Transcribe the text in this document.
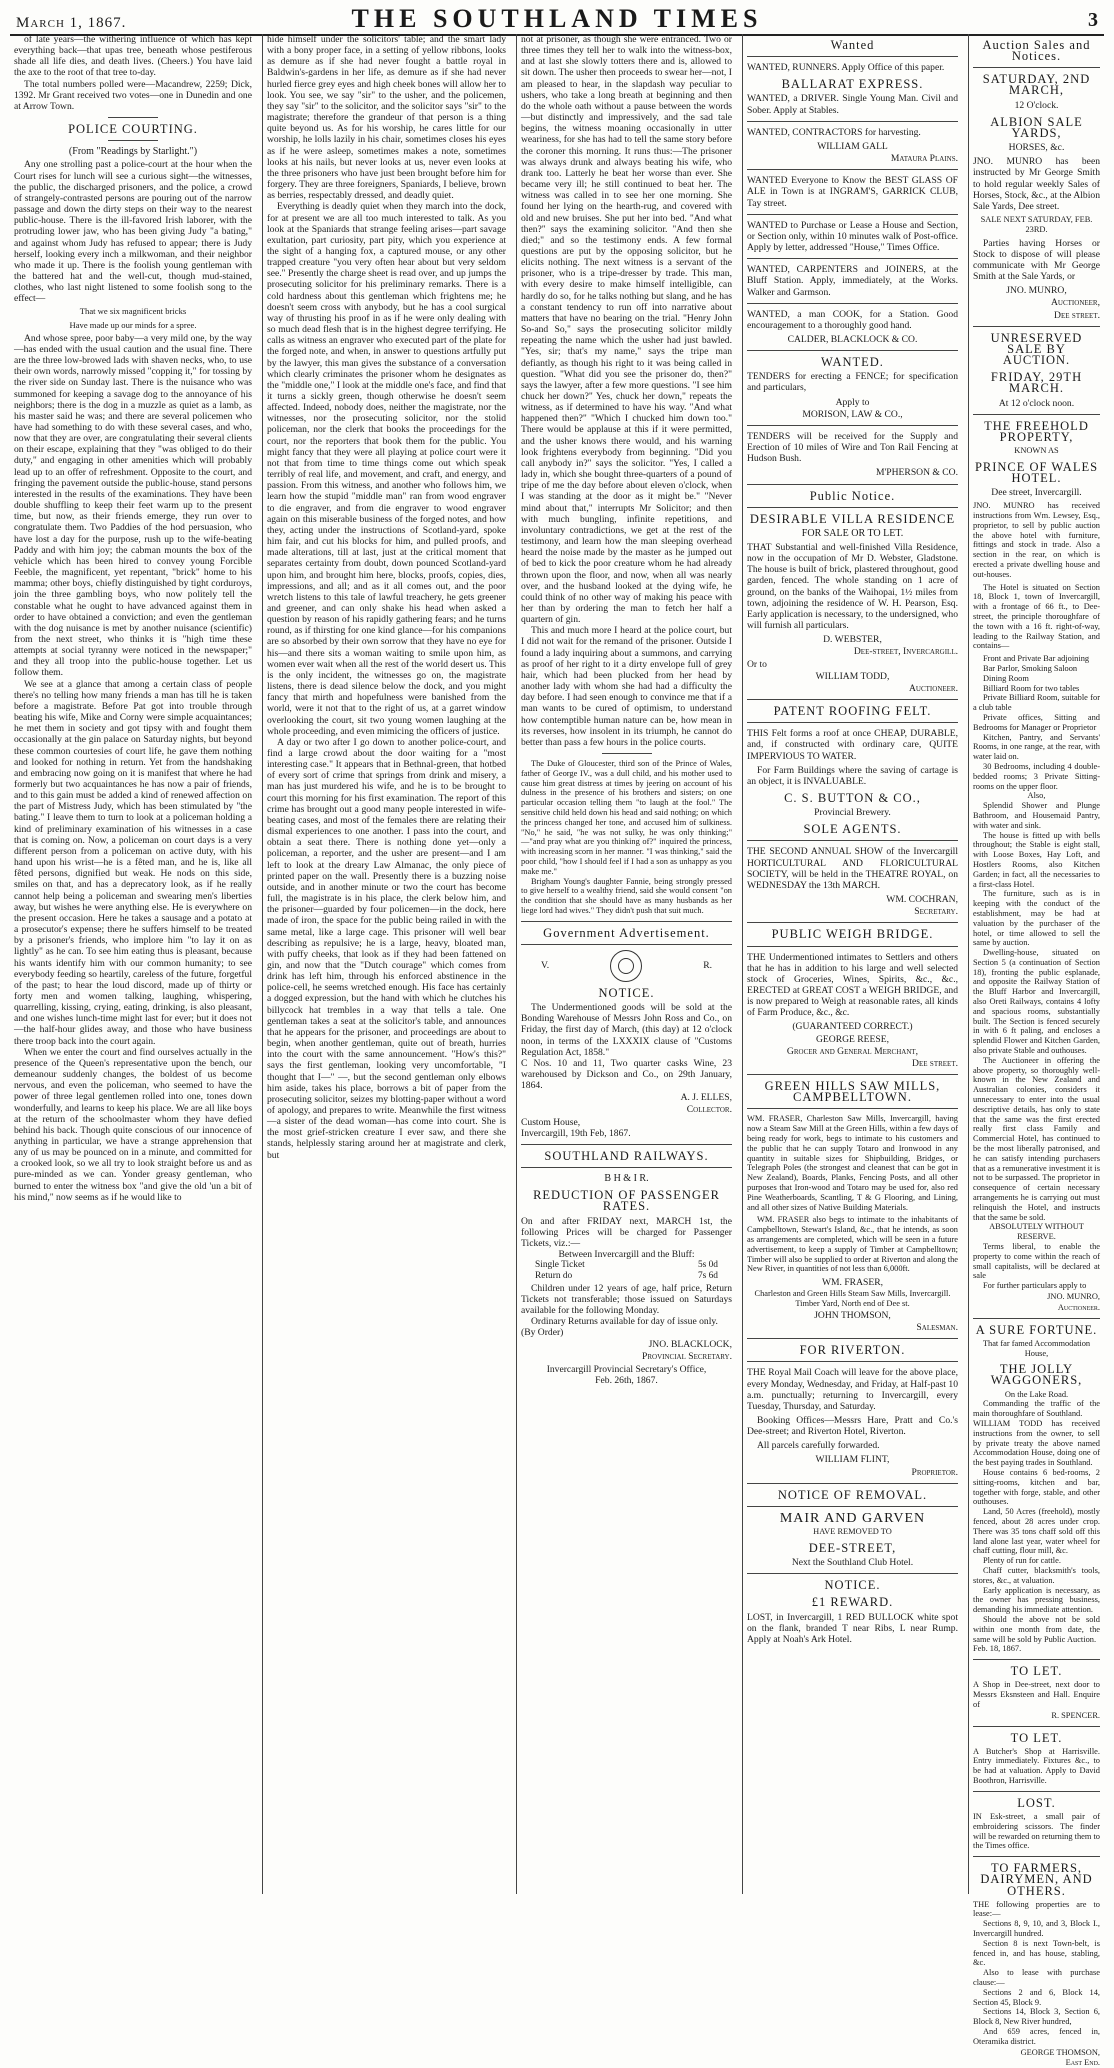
March 1, 1867.	THE SOUTHLAND TIMES	3

of late years—the withering influence of which has kept everything back—that upas tree, beneath whose pestiferous shade all life dies, and death lives. (Cheers.) You have laid the axe to the root of that tree to-day.

The total numbers polled were—Macandrew, 2259; Dick, 1392. Mr Grant received two votes—one in Dunedin and one at Arrow Town.

POLICE COURTING.
(From "Readings by Starlight.")

Any one strolling past a police-court at the hour when the Court rises for lunch will see a curious sight—the witnesses, the public, the discharged prisoners, and the police, a crowd of strangely-contrasted persons are pouring out of the narrow passage and down the dirty steps on their way to the nearest public-house. There is the ill-favored Irish laborer, with the protruding lower jaw, who has been giving Judy "a bating," and against whom Judy has refused to appear; there is Judy herself, looking every inch a milkwoman, and their neighbor who made it up. There is the foolish young gentleman with the battered hat and the well-cut, though mud-stained, clothes, who last night listened to some foolish song to the effect—

That we six magnificent bricks
Have made up our minds for a spree.

And whose spree, poor baby—a very mild one, by the way—has ended with the usual caution and the usual fine. There are the three low-browed lads with shaven necks, who, to use their own words, narrowly missed "copping it," for tossing by the river side on Sunday last. There is the nuisance who was summoned for keeping a savage dog to the annoyance of his neighbors; there is the dog in a muzzle as quiet as a lamb, as his master said he was; and there are several policemen who have had something to do with these several cases, and who, now that they are over, are congratulating their several clients on their escape, explaining that they "was obliged to do their duty," and engaging in other amenities which will probably lead up to an offer of refreshment. Opposite to the court, and fringing the pavement outside the public-house, stand persons interested in the results of the examinations. They have been double shuffling to keep their feet warm up to the present time, but now, as their friends emerge, they run over to congratulate them. Two Paddies of the hod persuasion, who have lost a day for the purpose, rush up to the wife-beating Paddy and with him joy; the cabman mounts the box of the vehicle which has been hired to convey young Forcible Feeble, the magnificent, yet repentant, "brick" home to his mamma; other boys, chiefly distinguished by tight corduroys, join the three gambling boys, who now politely tell the constable what he ought to have advanced against them in order to have obtained a conviction; and even the gentleman with the dog nuisance is met by another nuisance (scientific) from the next street, who thinks it is "high time these attempts at social tyranny were noticed in the newspaper;" and they all troop into the public-house together. Let us follow them.

We see at a glance that among a certain class of people there's no telling how many friends a man has till he is taken before a magistrate. Before Pat got into trouble through beating his wife, Mike and Corny were simple acquaintances; he met them in society and got tipsy with and fought them occasionally at the gin palace on Saturday nights, but beyond these common courtesies of court life, he gave them nothing and looked for nothing in return. Yet from the handshaking and embracing now going on it is manifest that where he had formerly but two acquaintances he has now a pair of friends, and to this gain must be added a kind of renewed affection on the part of Mistress Judy, which has been stimulated by "the bating." I leave them to turn to look at a policeman holding a kind of preliminary examination of his witnesses in a case that is coming on. Now, a policeman on court days is a very different person from a policeman on active duty, with his hand upon his wrist—he is a fêted man, and he is, like all fêted persons, dignified but weak. He nods on this side, smiles on that, and has a deprecatory look, as if he really cannot help being a policeman and swearing men's liberties away, but wishes he were anything else. He is everywhere on the present occasion. Here he takes a sausage and a potato at a prosecutor's expense; there he suffers himself to be treated by a prisoner's friends, who implore him "to lay it on as lightly" as he can. To see him eating thus is pleasant, because his wants identify him with our common humanity; to see everybody feeding so heartily, careless of the future, forgetful of the past; to hear the loud discord, made up of thirty or forty men and women talking, laughing, whispering, quarrelling, kissing, crying, eating, drinking, is also pleasant, and one wishes lunch-time might last for ever; but it does not—the half-hour glides away, and those who have business there troop back into the court again.

When we enter the court and find ourselves actually in the presence of the Queen's representative upon the bench, our demeanour suddenly changes, the boldest of us become nervous, and even the policeman, who seemed to have the power of three legal gentlemen rolled into one, tones down wonderfully, and learns to keep his place. We are all like boys at the return of the schoolmaster whom they have defied behind his back. Though quite conscious of our innocence of anything in particular, we have a strange apprehension that any of us may be pounced on in a minute, and committed for a crooked look, so we all try to look straight before us and as pure-minded as we can. Yonder greasy gentleman, who burned to enter the witness box "and give the old 'un a bit of his mind," now seems as if he would like to

hide himself under the solicitors' table; and the smart lady with a bony proper face, in a setting of yellow ribbons, looks as demure as if she had never fought a battle royal in Baldwin's-gardens in her life, as demure as if she had never hurled fierce grey eyes and high cheek bones will allow her to look. You see, we say "sir" to the usher, and the policemen, they say "sir" to the solicitor, and the solicitor says "sir" to the magistrate; therefore the grandeur of that person is a thing quite beyond us. As for his worship, he cares little for our worship, he lolls lazily in his chair, sometimes closes his eyes as if he were asleep, sometimes makes a note, sometimes looks at his nails, but never looks at us, never even looks at the three prisoners who have just been brought before him for forgery. They are three foreigners, Spaniards, I believe, brown as berries, respectably dressed, and deadly quiet.

Everything is deadly quiet when they march into the dock, for at present we are all too much interested to talk. As you look at the Spaniards that strange feeling arises—part savage exultation, part curiosity, part pity, which you experience at the sight of a hanging fox, a captured mouse, or any other trapped creature "you very often hear about but very seldom see." Presently the charge sheet is read over, and up jumps the prosecuting solicitor for his preliminary remarks. There is a cold hardness about this gentleman which frightens me; he doesn't seem cross with anybody, but he has a cool surgical way of thrusting his proof in as if he were only dealing with so much dead flesh that is in the highest degree terrifying. He calls as witness an engraver who executed part of the plate for the forged note, and when, in answer to questions artfully put by the lawyer, this man gives the substance of a conversation which clearly criminates the prisoner whom he designates as the "middle one," I look at the middle one's face, and find that it turns a sickly green, though otherwise he doesn't seem affected. Indeed, nobody does, neither the magistrate, nor the witnesses, nor the prosecuting solicitor, nor the stolid policeman, nor the clerk that books the proceedings for the court, nor the reporters that book them for the public. You might fancy that they were all playing at police court were it not that from time to time things come out which speak terribly of real life, and movement, and craft, and energy, and passion. From this witness, and another who follows him, we learn how the stupid "middle man" ran from wood engraver to die engraver, and from die engraver to wood engraver again on this miserable business of the forged notes, and how they, acting under the instructions of Scotland-yard, spoke him fair, and cut his blocks for him, and pulled proofs, and made alterations, till at last, just at the critical moment that separates certainty from doubt, down pounced Scotland-yard upon him, and brought him here, blocks, proofs, copies, dies, impressions, and all; and as it all comes out, and the poor wretch listens to this tale of lawful treachery, he gets greener and greener, and can only shake his head when asked a question by reason of his rapidly gathering fears; and he turns round, as if thirsting for one kind glance—for his companions are so absorbed by their own sorrow that they have no eye for his—and there sits a woman waiting to smile upon him, as women ever wait when all the rest of the world desert us. This is the only incident, the witnesses go on, the magistrate listens, there is dead silence below the dock, and you might fancy that mirth and hopefulness were banished from the world, were it not that to the right of us, at a garret window overlooking the court, sit two young women laughing at the whole proceeding, and even mimicing the officers of justice.

A day or two after I go down to another police-court, and find a large crowd about the door waiting for a "most interesting case." It appears that in Bethnal-green, that hotbed of every sort of crime that springs from drink and misery, a man has just murdered his wife, and he is to be brought to court this morning for his first examination. The report of this crime has brought out a good many people interested in wife-beating cases, and most of the females there are relating their dismal experiences to one another. I pass into the court, and obtain a seat there. There is nothing done yet—only a policeman, a reporter, and the usher are present—and I am left to look at the dreary Law Almanac, the only piece of printed paper on the wall. Presently there is a buzzing noise outside, and in another minute or two the court has become full, the magistrate is in his place, the clerk below him, and the prisoner—guarded by four policemen—in the dock, here made of iron, the space for the public being railed in with the same metal, like a large cage. This prisoner will well bear describing as repulsive; he is a large, heavy, bloated man, with puffy cheeks, that look as if they had been fattened on gin, and now that the "Dutch courage" which comes from drink has left him, through his enforced abstinence in the police-cell, he seems wretched enough. His face has certainly a dogged expression, but the hand with which he clutches his billycock hat trembles in a way that tells a tale. One gentleman takes a seat at the solicitor's table, and announces that he appears for the prisoner, and proceedings are about to begin, when another gentleman, quite out of breath, hurries into the court with the same announcement. "How's this?" says the first gentleman, looking very uncomfortable, "I thought that I—" —, but the second gentleman only elbows him aside, takes his place, borrows a bit of paper from the prosecuting solicitor, seizes my blotting-paper without a word of apology, and prepares to write. Meanwhile the first witness—a sister of the dead woman—has come into court. She is the most grief-stricken creature I ever saw, and there she stands, helplessly staring around her at magistrate and clerk, but

not at prisoner, as though she were entranced. Two or three times they tell her to walk into the witness-box, and at last she slowly totters there and is, allowed to sit down. The usher then proceeds to swear her—not, I am pleased to hear, in the slapdash way peculiar to ushers, who take a long breath at beginning and then do the whole oath without a pause between the words—but distinctly and impressively, and the sad tale begins, the witness moaning occasionally in utter weariness, for she has had to tell the same story before the coroner this morning. It runs thus:—The prisoner was always drunk and always beating his wife, who drank too. Latterly he beat her worse than ever. She became very ill; he still continued to beat her. The witness was called in to see her one morning. She found her lying on the hearth-rug, and covered with old and new bruises. She put her into bed. "And what then?" says the examining solicitor. "And then she died;" and so the testimony ends. A few formal questions are put by the opposing solicitor, but he elicits nothing. The next witness is a servant of the prisoner, who is a tripe-dresser by trade. This man, with every desire to make himself intelligible, can hardly do so, for he talks nothing but slang, and he has a constant tendency to run off into narrative about matters that have no bearing on the trial. "Henry John So-and So," says the prosecuting solicitor mildly repeating the name which the usher had just bawled. "Yes, sir; that's my name," says the tripe man defiantly, as though his right to it was being called in question. "What did you see the prisoner do, then?" says the lawyer, after a few more questions. "I see him chuck her down?" Yes, chuck her down," repeats the witness, as if determined to have his way. "And what happened then?" "Which I chucked him down too." There would be applause at this if it were permitted, and the usher knows there would, and his warning look frightens everybody from beginning. "Did you call anybody in?" says the solicitor. "Yes, I called a lady in, which she bought three-quarters of a pound of tripe of me the day before about eleven o'clock, when I was standing at the door as it might be." "Never mind about that," interrupts Mr Solicitor; and then with much bungling, infinite repetitions, and involuntary contradictions, we get at the rest of the testimony, and learn how the man sleeping overhead heard the noise made by the master as he jumped out of bed to kick the poor creature whom he had already thrown upon the floor, and now, when all was nearly over, and the husband looked at the dying wife, he could think of no other way of making his peace with her than by ordering the man to fetch her half a quartern of gin.

This and much more I heard at the police court, but I did not wait for the remand of the prisoner. Outside I found a lady inquiring about a summons, and carrying as proof of her right to it a dirty envelope full of grey hair, which had been plucked from her head by another lady with whom she had had a difficulty the day before. I had seen enough to convince me that if a man wants to be cured of optimism, to understand how contemptible human nature can be, how mean in its reverses, how insolent in its triumph, he cannot do better than pass a few hours in the police courts.

The Duke of Gloucester, third son of the Prince of Wales, father of George IV., was a dull child, and his mother used to cause him great distress at times by jeering on account of his dulness in the presence of his brothers and sisters; on one particular occasion telling them "to laugh at the fool." The sensitive child held down his head and said nothing; on which the princess changed her tone, and accused him of sulkiness. "No," he said, "he was not sulky, he was only thinking;" —"and pray what are you thinking of?" inquired the princess, with increasing scorn in her manner. "I was thinking," said the poor child, "how I should feel if I had a son as unhappy as you make me."

Brigham Young's daughter Fannie, being strongly pressed to give herself to a wealthy friend, said she would consent "on the condition that she should have as many husbands as her liege lord had wives." They didn't push that suit much.

Government Advertisement.
V.	R.
NOTICE.

The Undermentioned goods will be sold at the Bonding Warehouse of Messrs John Ross and Co., on Friday, the first day of March, (this day) at 12 o'clock noon, in terms of the LXXXIX clause of "Customs Regulation Act, 1858."

C Nos. 10 and 11, Two quarter casks Wine, 23 warehoused by Dickson and Co., on 29th January, 1864.

A. J. ELLES,
Collector.

Custom House,

Invercargill, 19th Feb, 1867.

SOUTHLAND RAILWAYS.
B H & I R.
REDUCTION OF PASSENGER RATES.

On and after FRIDAY next, MARCH 1st, the following Prices will be charged for Passenger Tickets, viz.:—

Between Invercargill and the Bluff:
Single Ticket	5s 0d
Return do	7s 6d

Children under 12 years of age, half price, Return Tickets not transferable; those issued on Saturdays available for the following Monday.

Ordinary Returns available for day of issue only.

(By Order)

JNO. BLACKLOCK,
Provincial Secretary.
Invercargill Provincial Secretary's Office,
Feb. 26th, 1867.
Wanted

WANTED, RUNNERS. Apply Office of this paper.

BALLARAT EXPRESS.

WANTED, a DRIVER. Single Young Man. Civil and Sober. Apply at Stables.

WANTED, CONTRACTORS for harvesting.

WILLIAM GALL
Mataura Plains.

WANTED Everyone to Know the BEST GLASS OF ALE in Town is at INGRAM'S, GARRICK CLUB, Tay street.

WANTED to Purchase or Lease a House and Section, or Section only, within 10 minutes walk of Post-office. Apply by letter, addressed "House," Times Office.

WANTED, CARPENTERS and JOINERS, at the Bluff Station. Apply, immediately, at the Works. Walker and Garmson.

WANTED, a man COOK, for a Station. Good encouragement to a thoroughly good hand.

CALDER, BLACKLOCK & CO.
WANTED.

TENDERS for erecting a FENCE; for specification and particulars,

Apply to
MORISON, LAW & CO.,

TENDERS will be received for the Supply and Erection of 10 miles of Wire and Ton Rail Fencing at Hudson Bush.

M'PHERSON & CO.
Public Notice.
DESIRABLE VILLA RESIDENCE
FOR SALE OR TO LET.

THAT Substantial and well-finished Villa Residence, now in the occupation of Mr D. Webster, Gladstone. The house is built of brick, plastered throughout, good garden, fenced. The whole standing on 1 acre of ground, on the banks of the Waihopai, 1½ miles from town, adjoining the residence of W. H. Pearson, Esq. Early application is necessary, to the undersigned, who will furnish all particulars.

D. WEBSTER,
Dee-street, Invercargill.

Or to

WILLIAM TODD,
Auctioneer.
PATENT ROOFING FELT.

THIS Felt forms a roof at once CHEAP, DURABLE, and, if constructed with ordinary care, QUITE IMPERVIOUS TO WATER.

For Farm Buildings where the saving of cartage is an object, it is INVALUABLE.

C. S. BUTTON & CO.,
Provincial Brewery.
SOLE AGENTS.

THE SECOND ANNUAL SHOW of the Invercargill HORTICULTURAL AND FLORICULTURAL SOCIETY, will be held in the THEATRE ROYAL, on WEDNESDAY the 13th MARCH.

WM. COCHRAN,
Secretary.
PUBLIC WEIGH BRIDGE.

THE Undermentioned intimates to Settlers and others that he has in addition to his large and well selected stock of Groceries, Wines, Spirits, &c., &c., ERECTED at GREAT COST a WEIGH BRIDGE, and is now prepared to Weigh at reasonable rates, all kinds of Farm Produce, &c., &c.

(GUARANTEED CORRECT.)
GEORGE REESE,
Grocer and General Merchant,
Dee street.
GREEN HILLS SAW MILLS, CAMPBELLTOWN.

WM. FRASER, Charleston Saw Mills, Invercargill, having now a Steam Saw Mill at the Green Hills, within a few days of being ready for work, begs to intimate to his customers and the public that he can supply Totaro and Ironwood in any quantity in suitable sizes for Shipbuilding, Bridges, or Telegraph Poles (the strongest and cleanest that can be got in New Zealand), Boards, Planks, Fencing Posts, and all other purposes that Iron-wood and Totaro may be used for, also red Pine Weatherboards, Scantling, T & G Flooring, and Lining, and all other sizes of Native Building Materials.

WM. FRASER also begs to intimate to the inhabitants of Campbelltown, Stewart's Island, &c., that he intends, as soon as arrangements are completed, which will be seen in a future advertisement, to keep a supply of Timber at Campbelltown; Timber will also be supplied to order at Riverton and along the New River, in quantities of not less than 6,000ft.

WM. FRASER,
Charleston and Green Hills Steam Saw Mills, Invercargill.
Timber Yard, North end of Dee st.
JOHN THOMSON,
Salesman.
FOR RIVERTON.

THE Royal Mail Coach will leave for the above place, every Monday, Wednesday, and Friday, at Half-past 10 a.m. punctually; returning to Invercargill, every Tuesday, Thursday, and Saturday.

Booking Offices—Messrs Hare, Pratt and Co.'s Dee-street; and Riverton Hotel, Riverton.

All parcels carefully forwarded.

WILLIAM FLINT,
Proprietor.
NOTICE OF REMOVAL.
MAIR AND GARVEN
HAVE REMOVED TO
DEE-STREET,
Next the Southland Club Hotel.
NOTICE.
£1 REWARD.

LOST, in Invercargill, 1 RED BULLOCK white spot on the flank, branded T near Ribs, L near Rump. Apply at Noah's Ark Hotel.

Auction Sales and Notices.
SATURDAY, 2ND MARCH,
12 O'clock.
ALBION SALE YARDS,
HORSES, &c.

JNO. MUNRO has been instructed by Mr George Smith to hold regular weekly Sales of Horses, Stock, &c., at the Albion Sale Yards, Dee street.

SALE NEXT SATURDAY, FEB. 23RD.

Parties having Horses or Stock to dispose of will please communicate with Mr George Smith at the Sale Yards, or

JNO. MUNRO,
Auctioneer,
Dee street.
UNRESERVED SALE BY AUCTION.
FRIDAY, 29TH MARCH.
At 12 o'clock noon.
THE FREEHOLD PROPERTY,
KNOWN AS
PRINCE OF WALES HOTEL.
Dee street, Invercargill.

JNO. MUNRO has received instructions from Wm. Lewsey, Esq., proprietor, to sell by public auction the above hotel with furniture, fittings and stock in trade. Also a section in the rear, on which is erected a private dwelling house and out-houses.

The Hotel is situated on Section 18, Block 1, town of Invercargill, with a frontage of 66 ft., to Dee-street, the principle thoroughfare of the town with a 16 ft. right-of-way, leading to the Railway Station, and contains—

Front and Private Bar adjoining

Bar Parlor, Smoking Saloon

Dining Room

Billiard Room for two tables

Private Billiard Room, suitable for a club table

Private offices, Sitting and Bedrooms for Manager or Proprietor

Kitchen, Pantry, and Servants' Rooms, in one range, at the rear, with water laid on.

30 Bedrooms, including 4 double-bedded rooms; 3 Private Sitting-rooms on the upper floor.

Also,

Splendid Shower and Plunge Bathroom, and Housemaid Pantry, with water and sink.

The house is fitted up with bells throughout; the Stable is eight stall, with Loose Boxes, Hay Loft, and Hostlers Rooms, also Kitchen Garden; in fact, all the necessaries to a first-class Hotel.

The furniture, such as is in keeping with the conduct of the establishment, may be had at valuation by the purchaser of the hotel, or time allowed to sell the same by auction.

Dwelling-house, situated on Section 5 (a continuation of Section 18), fronting the public esplanade, and opposite the Railway Station of the Bluff Harbor and Invercargill, also Oreti Railways, contains 4 lofty and spacious rooms, substantially built. The Section is fenced securely in with 6 ft paling, and encloses a splendid Flower and Kitchen Garden, also private Stable and outhouses.

The Auctioneer in offering the above property, so thoroughly well-known in the New Zealand and Australian colonies, considers it unnecessary to enter into the usual descriptive details, has only to state that the same was the first erected really first class Family and Commercial Hotel, has continued to be the most liberally patronised, and he can satisfy intending purchasers that as a remunerative investment it is not to be surpassed. The proprietor in consequence of certain necessary arrangements he is carrying out must relinquish the Hotel, and instructs that the same be sold.

ABSOLUTELY WITHOUT RESERVE.

Terms liberal, to enable the property to come within the reach of small capitalists, will be declared at sale

For further particulars apply to

JNO. MUNRO,
Auctioneer.
A SURE FORTUNE.
That far famed Accommodation House,
THE JOLLY WAGGONERS,
On the Lake Road.

Commanding the traffic of the main thoroughfare of Southland.

WILLIAM TODD has received instructions from the owner, to sell by private treaty the above named Accommodation House, doing one of the best paying trades in Southland.

House contains 6 bed-rooms, 2 sitting-rooms, kitchen and bar, together with forge, stable, and other outhouses.

Land, 50 Acres (freehold), mostly fenced, about 28 acres under crop. There was 35 tons chaff sold off this land alone last year, water wheel for chaff cutting, flour mill, &c.

Plenty of run for cattle.

Chaff cutter, blacksmith's tools, stores, &c., at valuation.

Early application is necessary, as the owner has pressing business, demanding his immediate attention.

Should the above not be sold within one month from date, the same will be sold by Public Auction.

Feb. 18, 1867.

TO LET.

A Shop in Dee-street, next door to Messrs Eksnsteen and Hall. Enquire of

R. SPENCER.
TO LET.

A Butcher's Shop at Harrisville. Entry immediately. Fixtures &c., to be had at valuation. Apply to David Boothron, Harrisville.

LOST.

IN Esk-street, a small pair of embroidering scissors. The finder will be rewarded on returning them to the Times office.

TO FARMERS, DAIRYMEN, AND OTHERS.

THE following properties are to lease:—

Sections 8, 9, 10, and 3, Block I., Invercargill hundred.

Section 8 is next Town-belt, is fenced in, and has house, stabling, &c.

Also to lease with purchase clause:—

Sections 2 and 6, Block 14, Section 45, Block 9.

Sections 14, Block 3, Section 6, Block 8, New River hundred,

And 659 acres, fenced in, Oteramika district.

GEORGE THOMSON,
East End.
